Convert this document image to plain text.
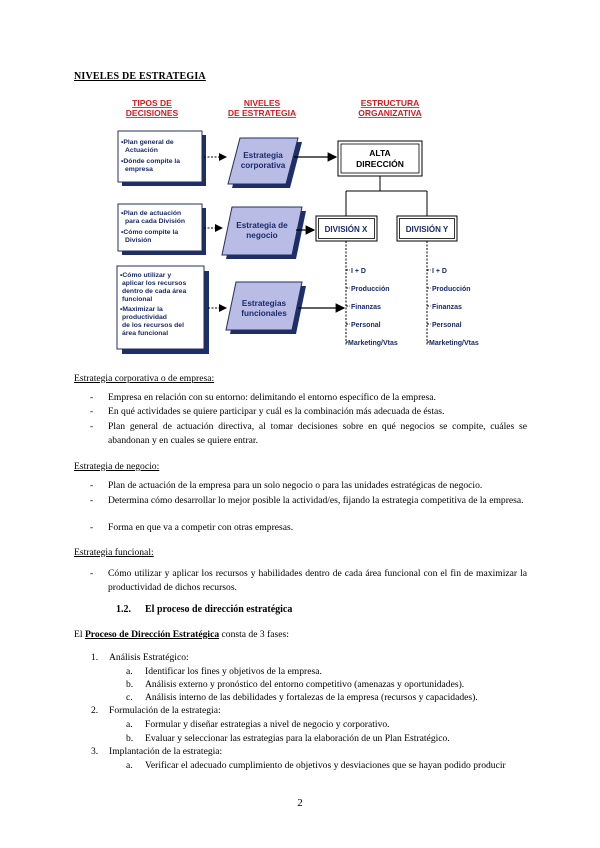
NIVELES DE ESTRATEGIA
TIPOS DE
DECISIONES
NIVELES
DE ESTRATEGIA
ESTRUCTURA
ORGANIZATIVA
•Plan general de
Actuación
•Dónde compite la
empresa
•Plan de actuación
para cada División
•Cómo compite la
División
•Cómo utilizar y
aplicar los recursos
dentro de cada área
funcional
•Maximizar la
productividad
de los recursos del
área funcional
Estrategia
corporativa
Estrategia de
negocio
Estrategias
funcionales
ALTA
DIRECCIÓN
DIVISIÓN X	DIVISIÓN Y
I + D
Producción
Finanzas
Personal
Marketing/Vtas
I + D
Producción
Finanzas
Personal
Marketing/Vtas
Estrategia corporativa o de empresa:
-	Empresa en relación con su entorno: delimitando el entorno específico de la empresa.
-	En qué actividades se quiere participar y cuál es la combinación más adecuada de éstas.
-	Plan general de actuación directiva, al tomar decisiones sobre en qué negocios se compite, cuáles se abandonan y en cuales se quiere entrar.
Estrategia de negocio:
-	Plan de actuación de la empresa para un solo negocio o para las unidades estratégicas de negocio.
-	Determina cómo desarrollar lo mejor posible la actividad/es, fijando la estrategia competitiva de la empresa.
-	Forma en que va a competir con otras empresas.
Estrategia funcional:
-	Cómo utilizar y aplicar los recursos y habilidades dentro de cada área funcional con el fin de maximizar la productividad de dichos recursos.
1.2. El proceso de dirección estratégica
El Proceso de Dirección Estratégica consta de 3 fases:
1. Análisis Estratégico:
a. Identificar los fines y objetivos de la empresa.
b. Análisis externo y pronóstico del entorno competitivo (amenazas y oportunidades).
c. Análisis interno de las debilidades y fortalezas de la empresa (recursos y capacidades).
2. Formulación de la estrategia:
a. Formular y diseñar estrategias a nivel de negocio y corporativo.
b. Evaluar y seleccionar las estrategias para la elaboración de un Plan Estratégico.
3. Implantación de la estrategia:
a. Verificar el adecuado cumplimiento de objetivos y desviaciones que se hayan podido producir
2
